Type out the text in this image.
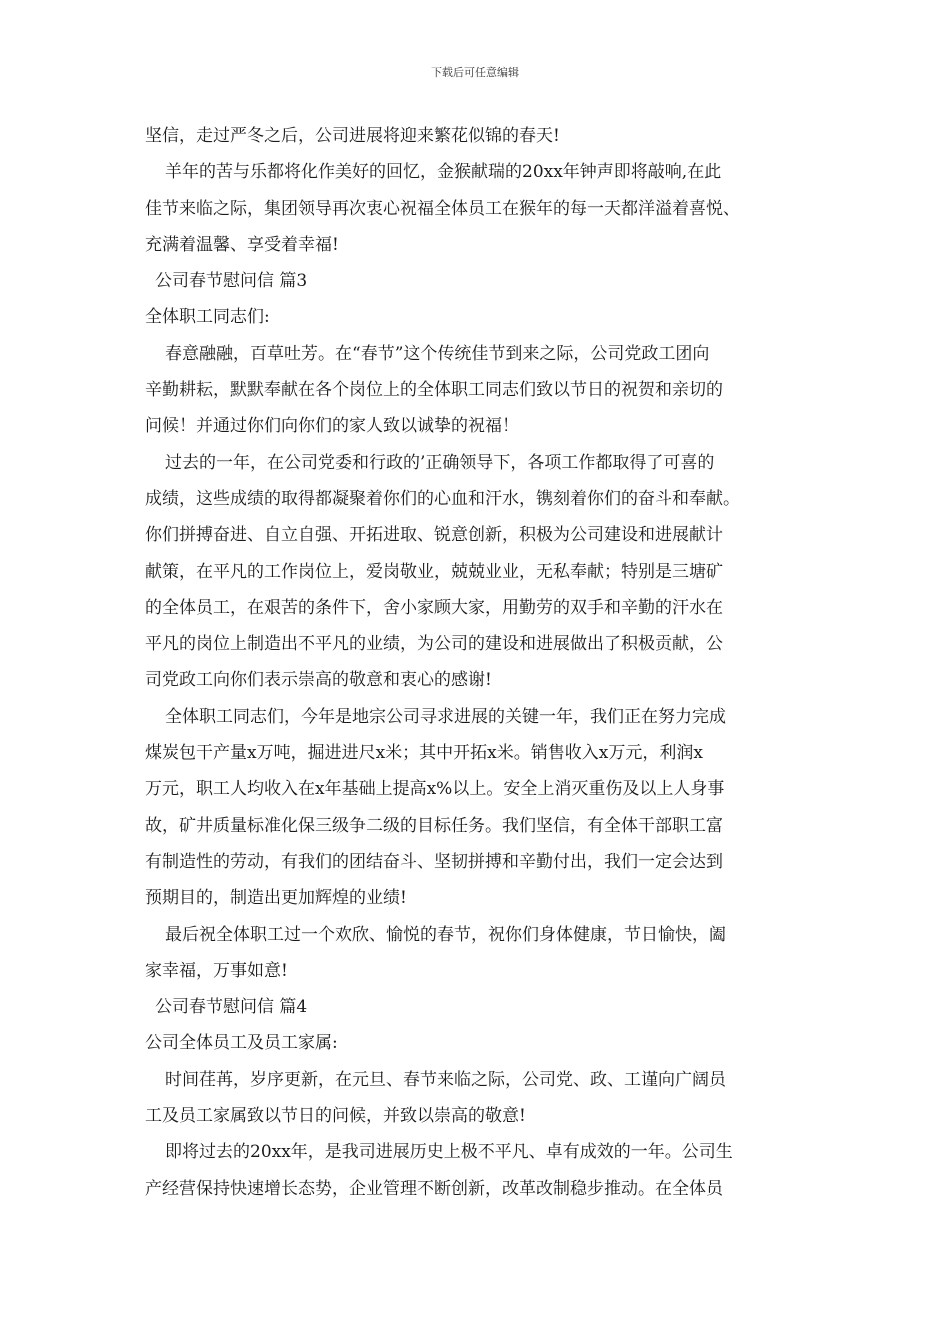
下载后可任意编辑
坚信，走过严冬之后，公司进展将迎来繁花似锦的春天!
羊年的苦与乐都将化作美好的回忆，金猴献瑞的20xx年钟声即将敲响,在此
佳节来临之际，集团领导再次衷心祝福全体员工在猴年的每一天都洋溢着喜悦、
充满着温馨、享受着幸福!
公司春节慰问信 篇3
全体职工同志们:
春意融融，百草吐芳。在“春节”这个传统佳节到来之际，公司党政工团向
辛勤耕耘，默默奉献在各个岗位上的全体职工同志们致以节日的祝贺和亲切的
问候！并通过你们向你们的家人致以诚挚的祝福！
过去的一年，在公司党委和行政的’正确领导下，各项工作都取得了可喜的
成绩，这些成绩的取得都凝聚着你们的心血和汗水，镌刻着你们的奋斗和奉献。
你们拼搏奋进、自立自强、开拓进取、锐意创新，积极为公司建设和进展献计
献策，在平凡的工作岗位上，爱岗敬业，兢兢业业，无私奉献；特别是三塘矿
的全体员工，在艰苦的条件下，舍小家顾大家，用勤劳的双手和辛勤的汗水在
平凡的岗位上制造出不平凡的业绩，为公司的建设和进展做出了积极贡献，公
司党政工向你们表示崇高的敬意和衷心的感谢!
全体职工同志们，今年是地宗公司寻求进展的关键一年，我们正在努力完成
煤炭包干产量x万吨，掘进进尺x米；其中开拓x米。销售收入x万元，利润x
万元，职工人均收入在x年基础上提高x%以上。安全上消灭重伤及以上人身事
故，矿井质量标准化保三级争二级的目标任务。我们坚信，有全体干部职工富
有制造性的劳动，有我们的团结奋斗、坚韧拼搏和辛勤付出，我们一定会达到
预期目的，制造出更加辉煌的业绩!
最后祝全体职工过一个欢欣、愉悦的春节，祝你们身体健康，节日愉快，阖
家幸福，万事如意!
公司春节慰问信 篇4
公司全体员工及员工家属:
时间荏苒，岁序更新，在元旦、春节来临之际，公司党、政、工谨向广阔员
工及员工家属致以节日的问候，并致以崇高的敬意!
即将过去的20xx年，是我司进展历史上极不平凡、卓有成效的一年。公司生
产经营保持快速增长态势，企业管理不断创新，改革改制稳步推动。在全体员
